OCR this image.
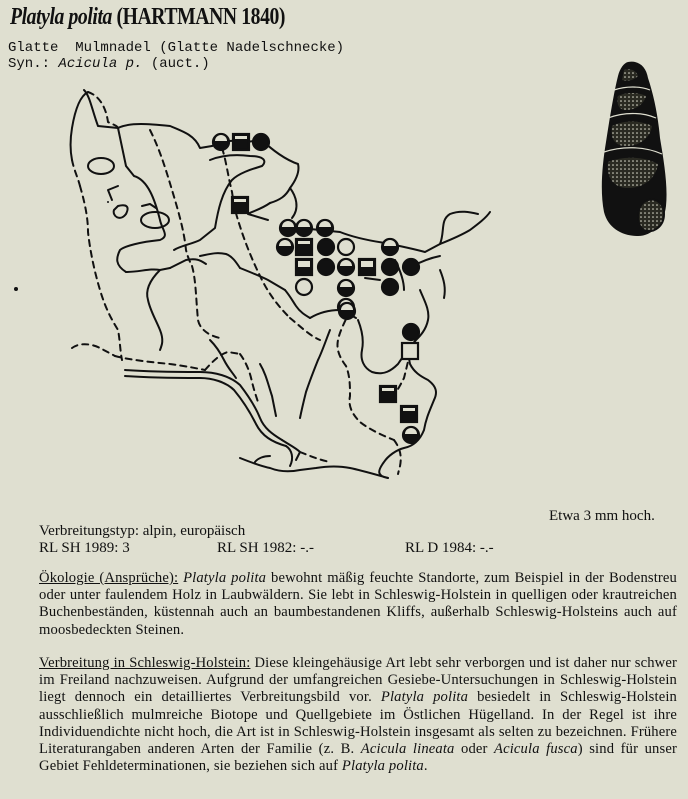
Platyla polita (HARTMANN 1840)
Glatte  Mulmnadel (Glatte Nadelschnecke)
Syn.: Acicula p. (auct.)
Etwa 3 mm hoch.
Verbreitungstyp: alpin, europäisch
RL SH 1989: 3	RL SH 1982: -.-	RL D 1984: -.-
Ökologie (Ansprüche): Platyla polita bewohnt mäßig feuchte Standorte, zum Beispiel in der Bodenstreu oder unter faulendem Holz in Laubwäldern. Sie lebt in Schleswig-Holstein in quelligen oder krautreichen Buchenbeständen, küstennah auch an baumbestandenen Kliffs, außerhalb Schleswig-Holsteins auch auf moosbedeckten Steinen.
Verbreitung in Schleswig-Holstein: Diese kleingehäusige Art lebt sehr verborgen und ist daher nur schwer im Freiland nachzuweisen. Aufgrund der umfangreichen Gesiebe-Untersuchungen in Schleswig-Holstein liegt dennoch ein detailliertes Verbreitungsbild vor. Platyla polita besiedelt in Schleswig-Holstein ausschließlich mulmreiche Biotope und Quellgebiete im Östlichen Hügelland. In der Regel ist ihre Individuendichte nicht hoch, die Art ist in Schleswig-Holstein insgesamt als selten zu bezeichnen. Frühere Literaturangaben anderen Arten der Familie (z. B. Acicula lineata oder Acicula fusca) sind für unser Gebiet Fehldeterminationen, sie beziehen sich auf Platyla polita.
